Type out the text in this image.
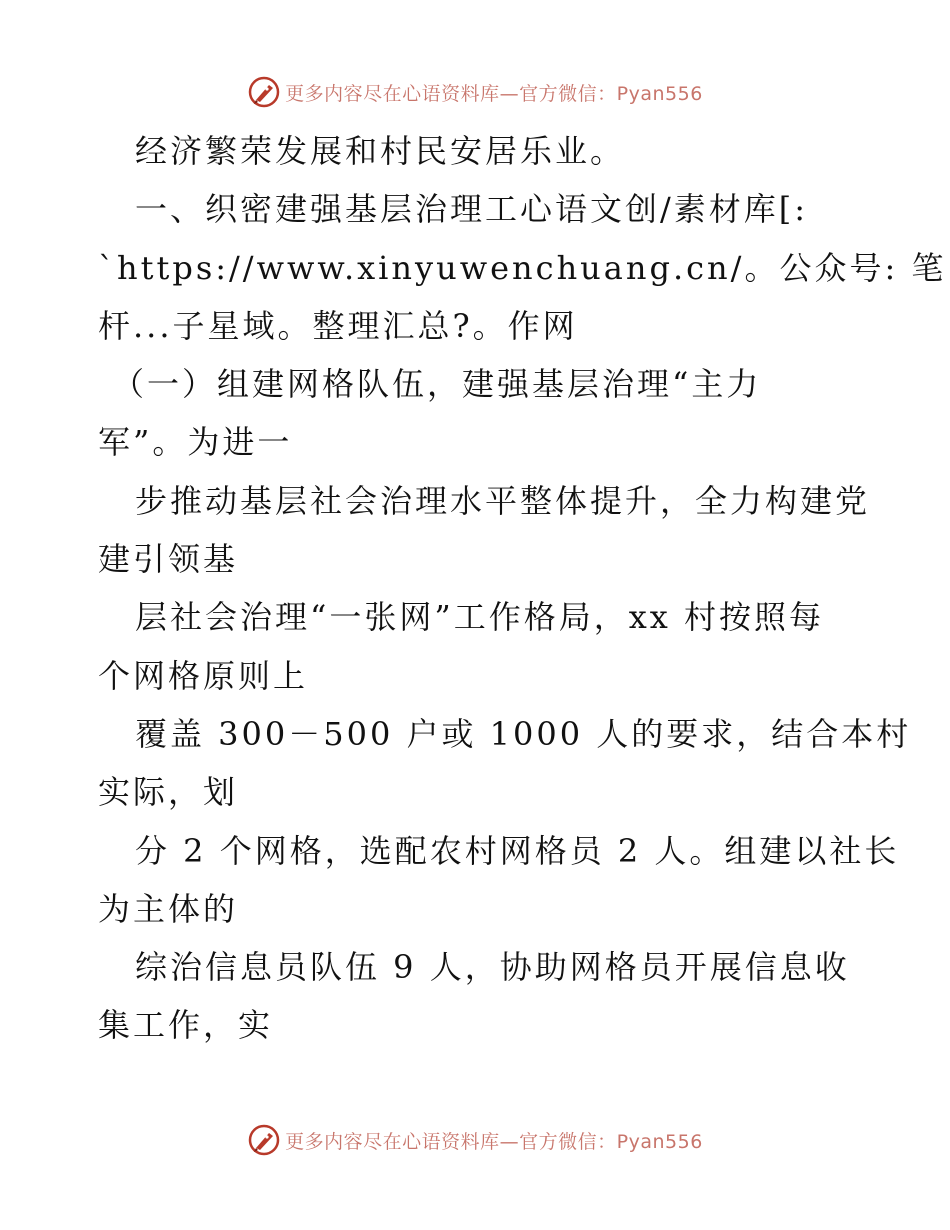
更多内容尽在心语资料库—官方微信：Pyan556
经济繁荣发展和村民安居乐业。
一、织密建强基层治理工心语文创/素材库[:
`https://www.xinyuwenchuang.cn/。公众号: 笔
杆...子星域。整理汇总?。作网
（一）组建网格队伍，建强基层治理“主力
军”。为进一
步推动基层社会治理水平整体提升，全力构建党
建引领基
层社会治理“一张网”工作格局，xx 村按照每
个网格原则上
覆盖 300－500 户或 1000 人的要求，结合本村
实际，划
分 2 个网格，选配农村网格员 2 人。组建以社长
为主体的
综治信息员队伍 9 人，协助网格员开展信息收
集工作，实
更多内容尽在心语资料库—官方微信：Pyan556
